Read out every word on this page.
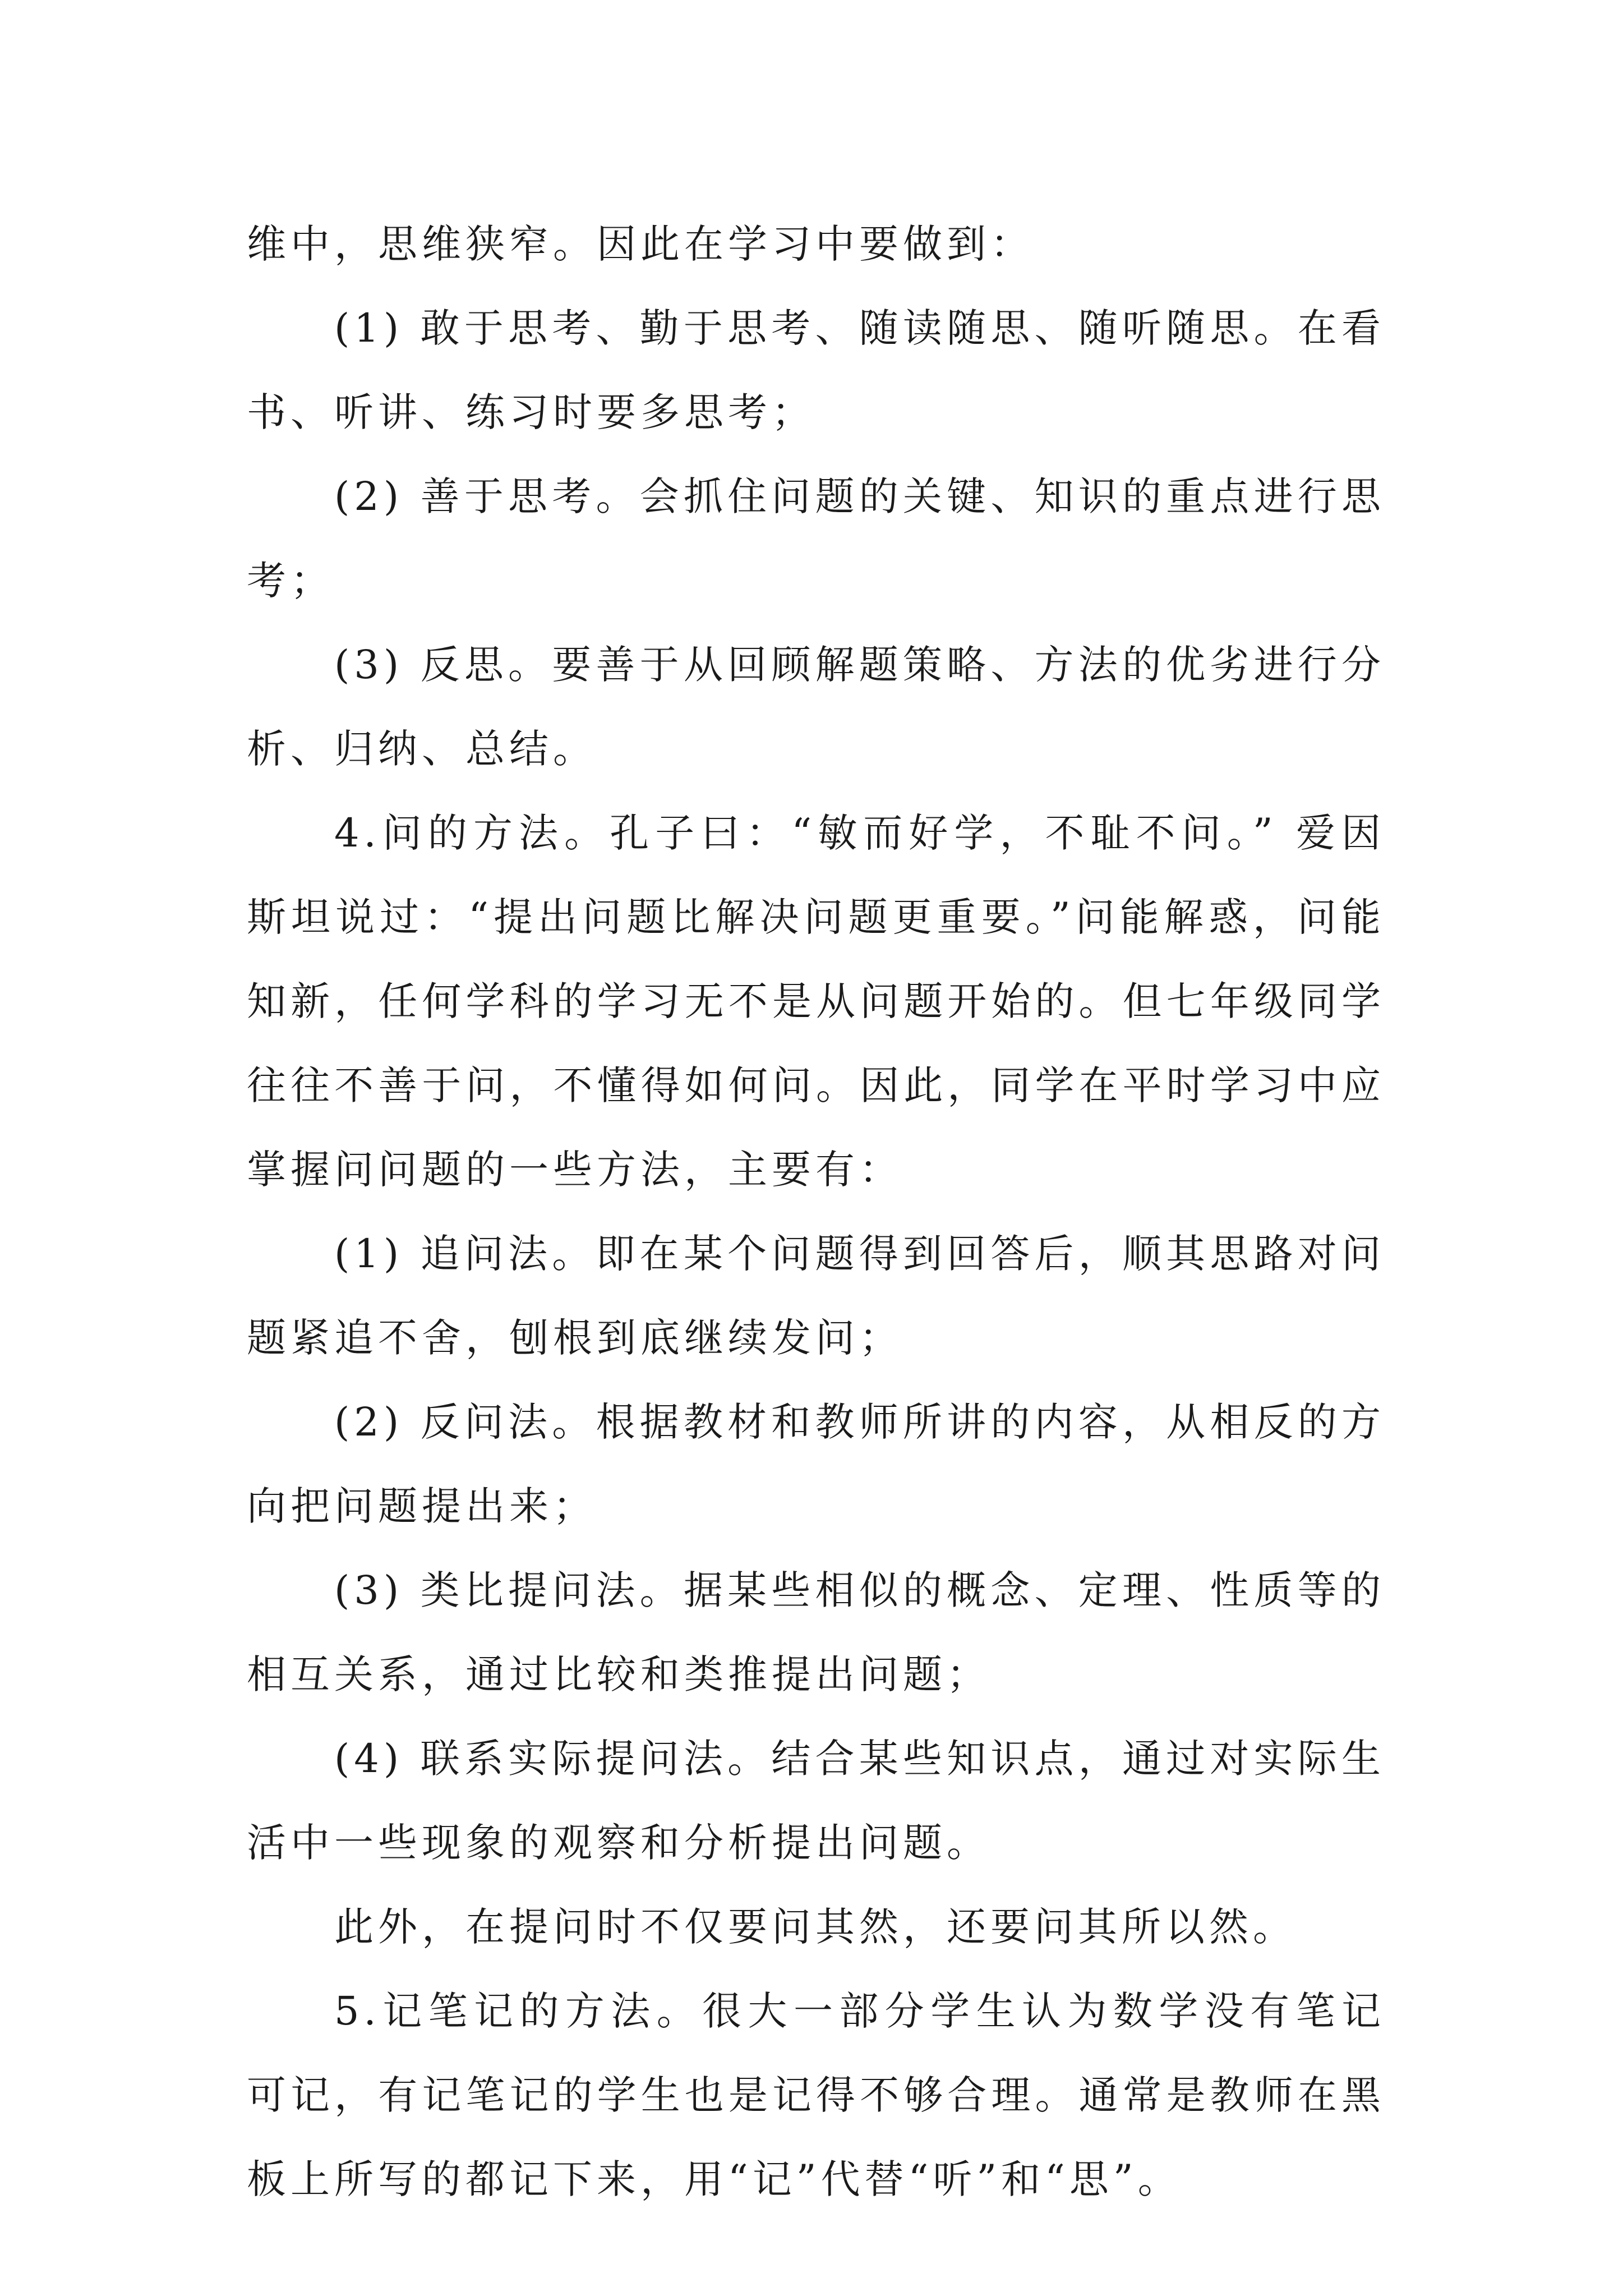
维中，思维狭窄。因此在学习中要做到：

(1) 敢于思考、勤于思考、随读随思、随听随思。在看书、听讲、练习时要多思考；

(2) 善于思考。会抓住问题的关键、知识的重点进行思考；

(3) 反思。要善于从回顾解题策略、方法的优劣进行分析、归纳、总结。

4.问的方法。孔子曰：“敏而好学，不耻不问。” 爱因斯坦说过：“提出问题比解决问题更重要。”问能解惑，问能知新，任何学科的学习无不是从问题开始的。但七年级同学往往不善于问，不懂得如何问。因此，同学在平时学习中应掌握问问题的一些方法，主要有：

(1) 追问法。即在某个问题得到回答后，顺其思路对问题紧追不舍，刨根到底继续发问；

(2) 反问法。根据教材和教师所讲的内容，从相反的方向把问题提出来；

(3) 类比提问法。据某些相似的概念、定理、性质等的相互关系，通过比较和类推提出问题；

(4) 联系实际提问法。结合某些知识点，通过对实际生活中一些现象的观察和分析提出问题。

此外，在提问时不仅要问其然，还要问其所以然。

5.记笔记的方法。很大一部分学生认为数学没有笔记可记，有记笔记的学生也是记得不够合理。通常是教师在黑板上所写的都记下来，用“记”代替“听”和“思”。
